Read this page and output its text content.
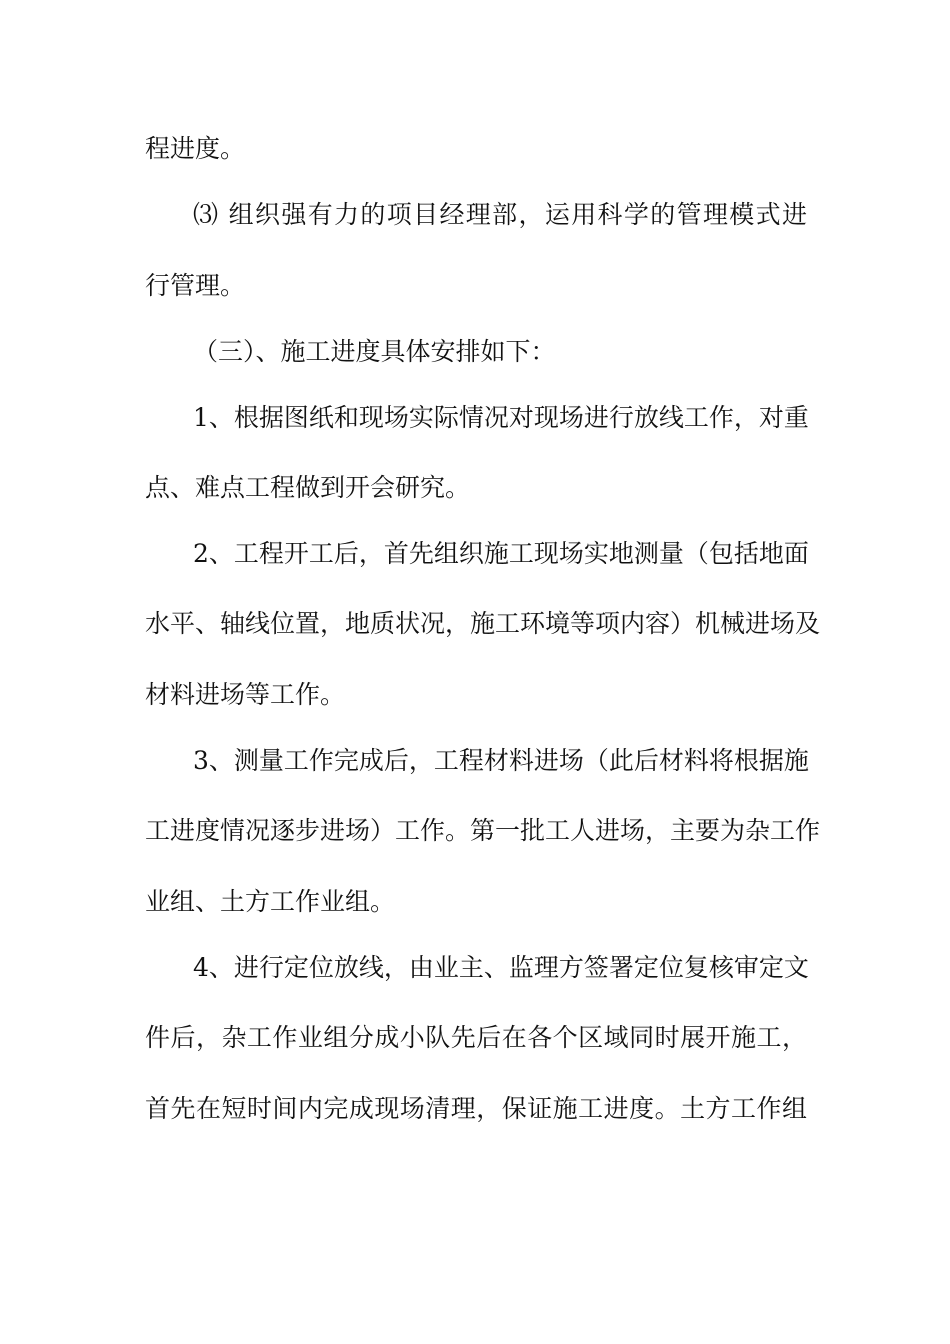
程进度。
⑶ 组织强有力的项目经理部，运用科学的管理模式进
行管理。
（三）、施工进度具体安排如下：
1、根据图纸和现场实际情况对现场进行放线工作，对重
点、难点工程做到开会研究。
2、工程开工后，首先组织施工现场实地测量（包括地面
水平、轴线位置，地质状况，施工环境等项内容）机械进场及
材料进场等工作。
3、测量工作完成后，工程材料进场（此后材料将根据施
工进度情况逐步进场）工作。第一批工人进场，主要为杂工作
业组、土方工作业组。
4、进行定位放线，由业主、监理方签署定位复核审定文
件后，杂工作业组分成小队先后在各个区域同时展开施工，
首先在短时间内完成现场清理，保证施工进度。土方工作组
